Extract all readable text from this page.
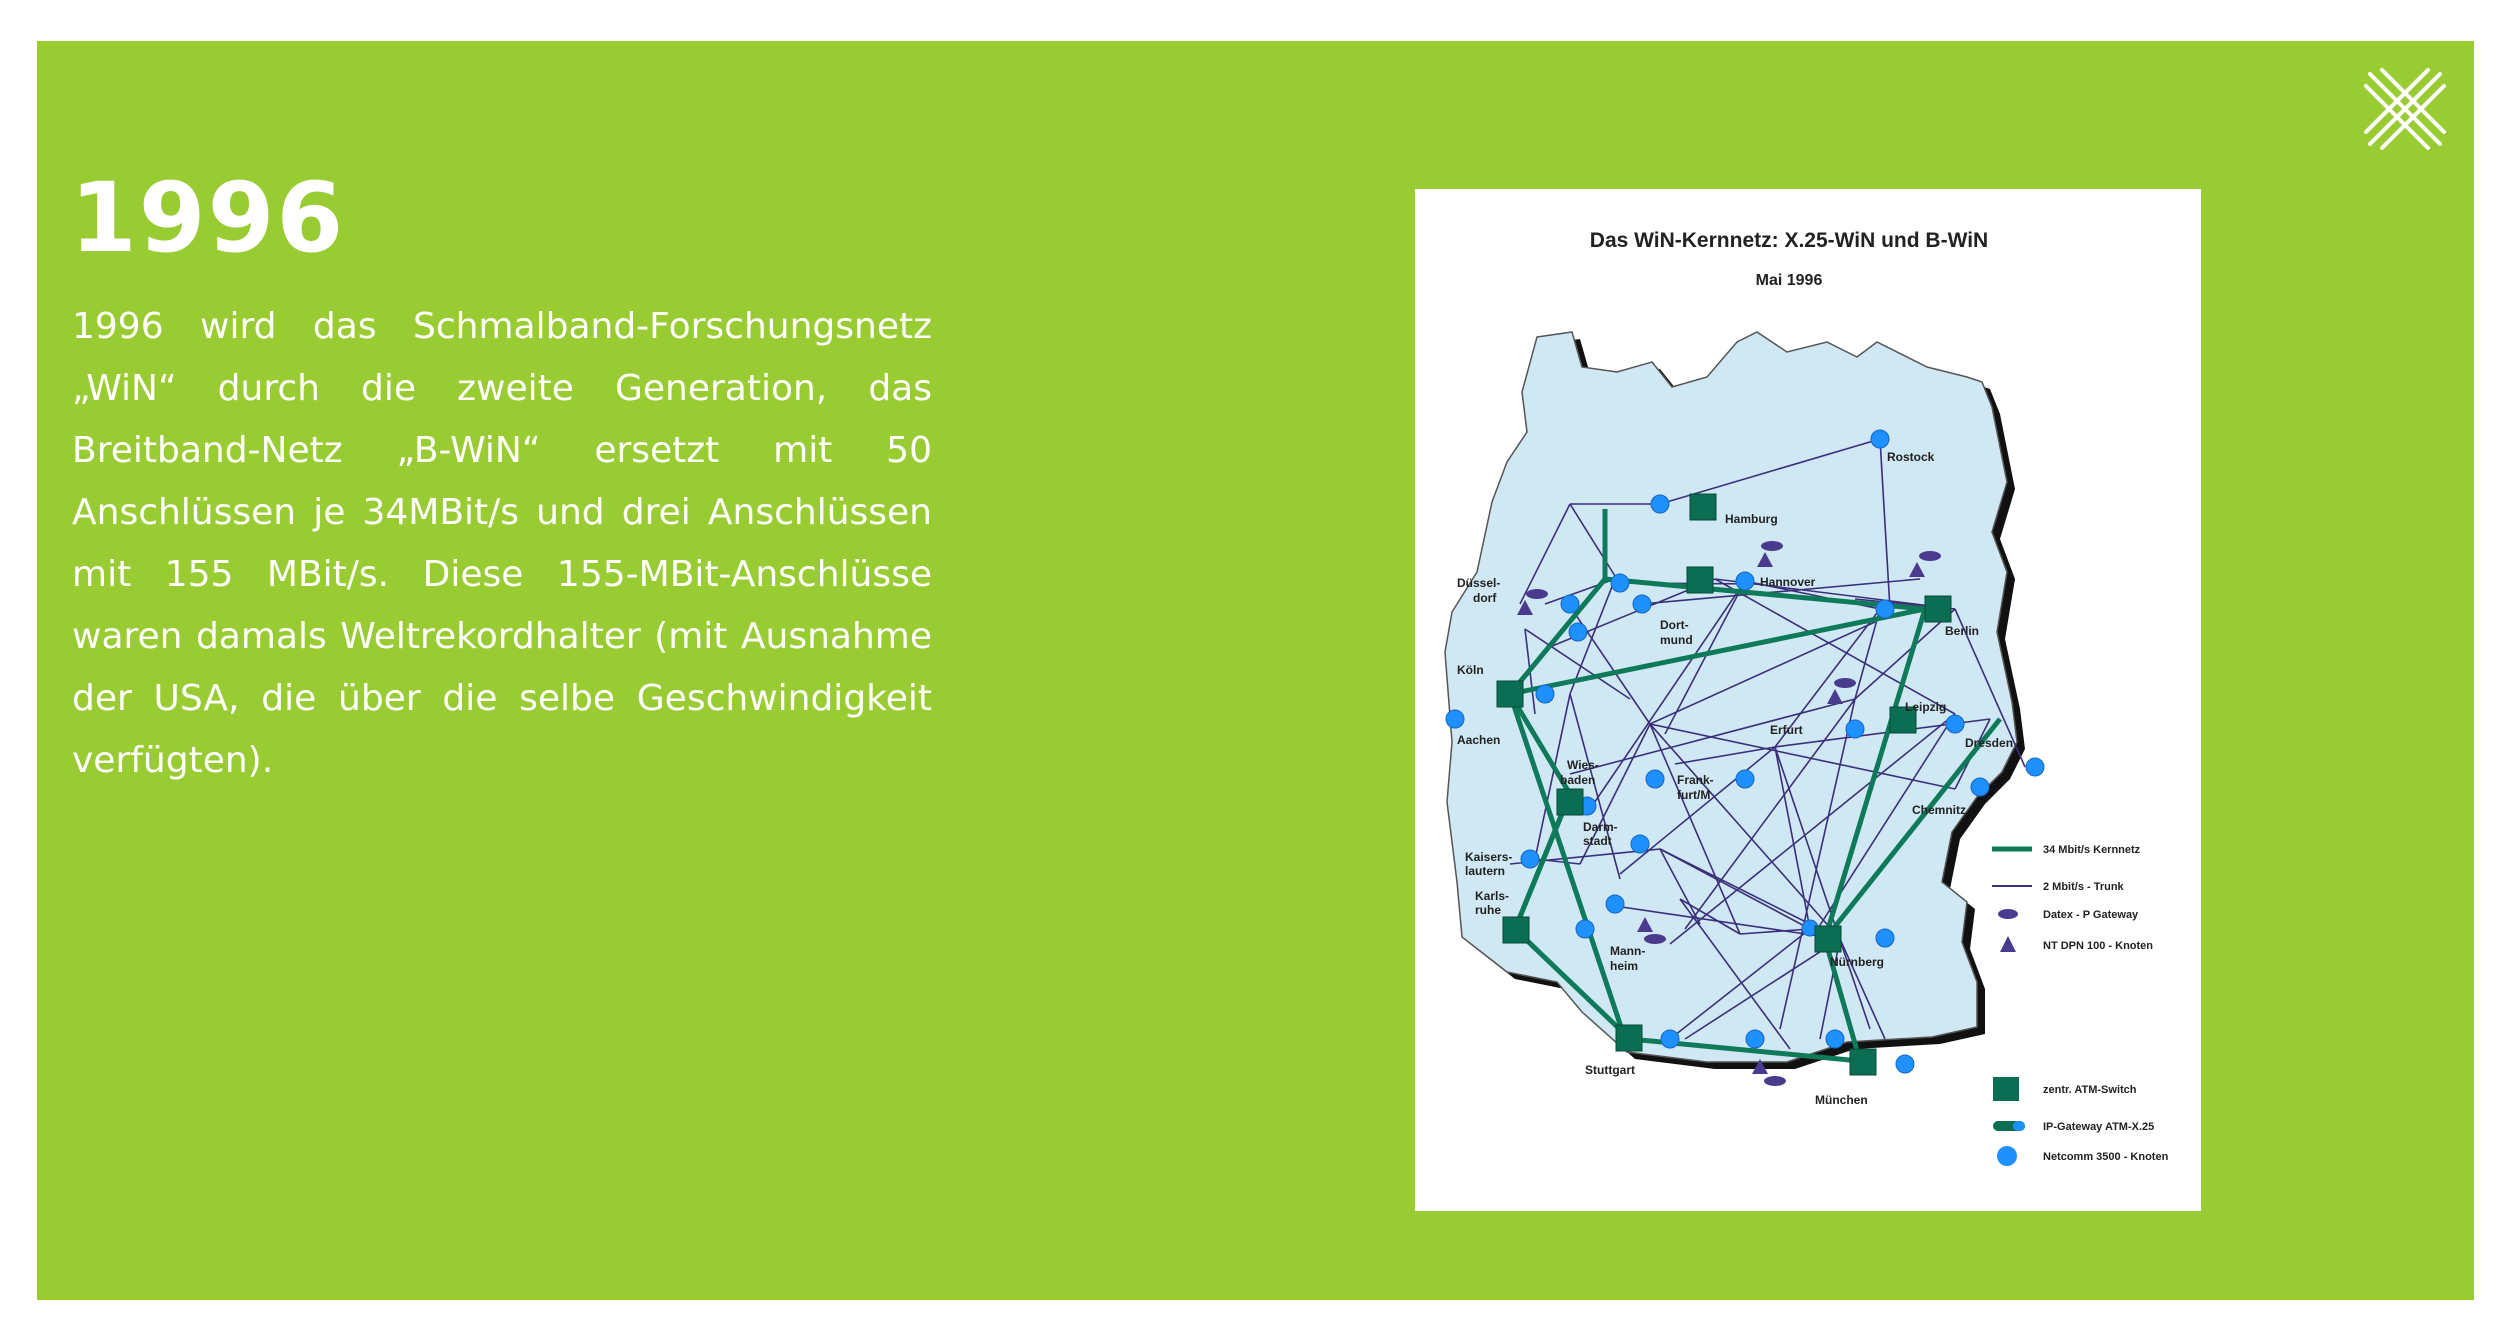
1996

1996 wird das Schmalband-Forschungsnetz „WiN“ durch die zweite Generation, das Breitband-Netz „B-WiN“ ersetzt mit 50 Anschlüssen je 34MBit/s und drei Anschlüssen mit 155 MBit/s. Diese 155-MBit-Anschlüsse waren damals Weltrekordhalter (mit Ausnahme der USA, die über die selbe Geschwindigkeit verfügten).

Das WiN-Kernnetz: X.25-WiN und B-WiN
Mai 1996
Rostock
Hamburg
Hannover
Berlin
Düssel-
dorf
Dort-
mund
Köln
Aachen
Leipzig
Erfurt
Dresden
Chemnitz
Wies-
baden	Frank-
furt/M
Darm-
stadt
Kaisers-
lautern
Karls-
ruhe
Mann-
heim	Nürnberg
Stuttgart
München
34 Mbit/s Kernnetz
2 Mbit/s - Trunk
Datex - P Gateway
NT DPN 100 - Knoten
zentr. ATM-Switch
IP-Gateway ATM-X.25
Netcomm 3500 - Knoten
